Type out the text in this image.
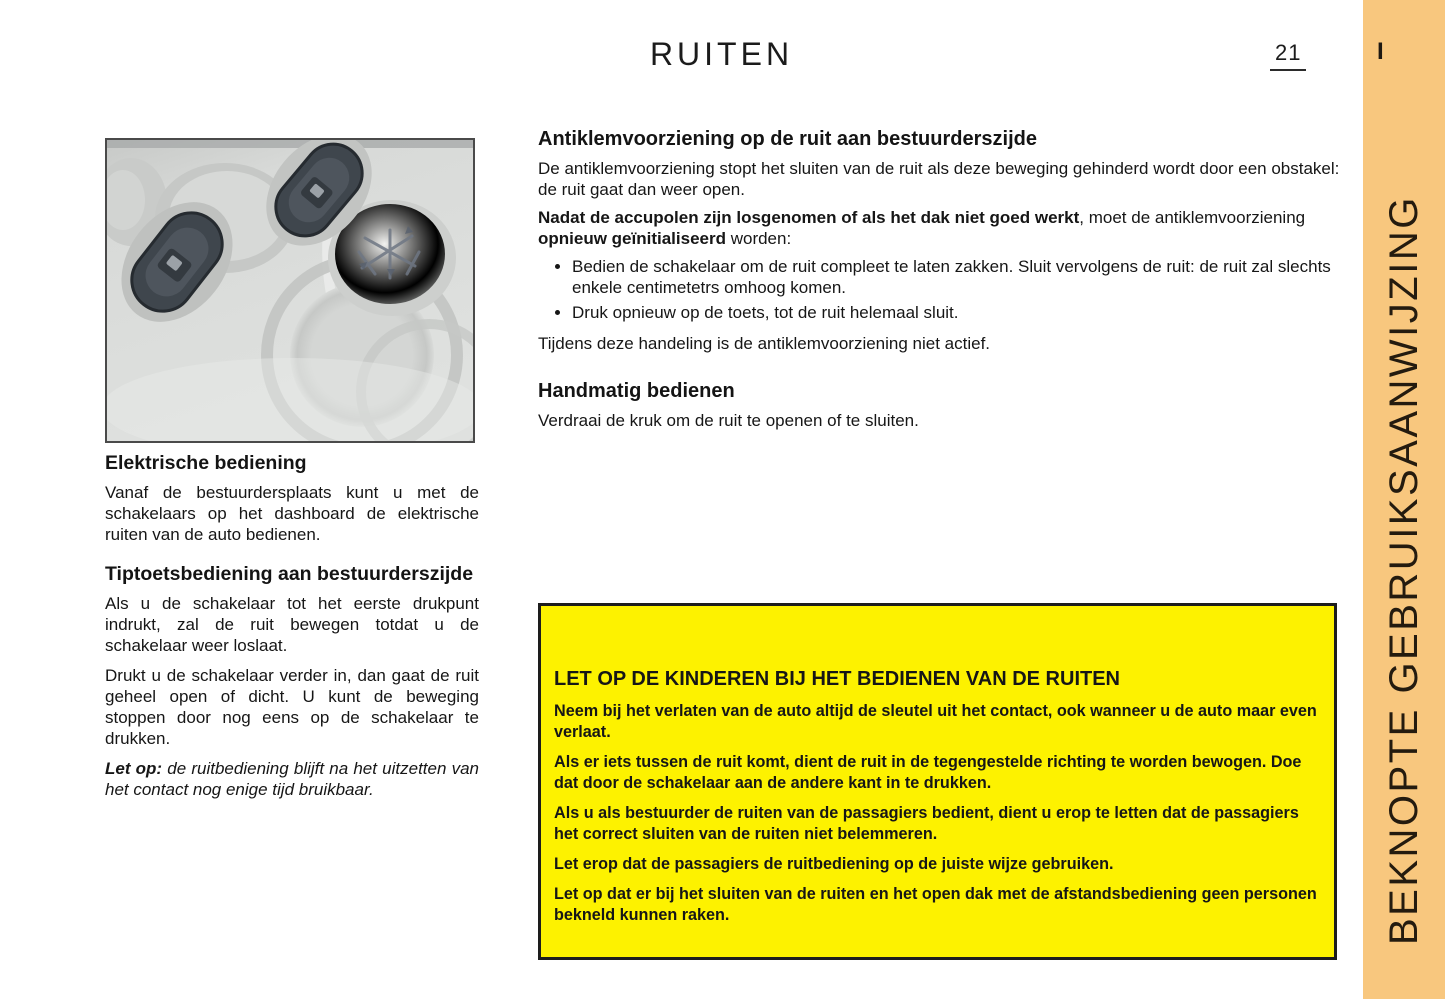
RUITEN	21	I
BEKNOPTE GEBRUIKSAANWIJZING
Elektrische bediening

Vanaf de bestuurdersplaats kunt u met de schakelaars op het dashboard de elektrische ruiten van de auto bedienen.

Tiptoetsbediening aan bestuurderszijde

Als u de schakelaar tot het eerste drukpunt indrukt, zal de ruit bewegen totdat u de schakelaar weer loslaat.

Drukt u de schakelaar verder in, dan gaat de ruit geheel open of dicht. U kunt de beweging stoppen door nog eens op de schakelaar te drukken.

Let op: de ruitbediening blijft na het uitzetten van het contact nog enige tijd bruikbaar.

Antiklemvoorziening op de ruit aan bestuurderszijde

De antiklemvoorziening stopt het sluiten van de ruit als deze beweging gehinderd wordt door een obstakel: de ruit gaat dan weer open.

Nadat de accupolen zijn losgenomen of als het dak niet goed werkt, moet de antiklemvoorziening opnieuw geïnitialiseerd worden:

• Bedien de schakelaar om de ruit compleet te laten zakken. Sluit vervolgens de ruit: de ruit zal slechts enkele centimetetrs omhoog komen.
• Druk opnieuw op de toets, tot de ruit helemaal sluit.

Tijdens deze handeling is de antiklemvoorziening niet actief.

Handmatig bedienen

Verdraai de kruk om de ruit te openen of te sluiten.

LET OP DE KINDEREN BIJ HET BEDIENEN VAN DE RUITEN

Neem bij het verlaten van de auto altijd de sleutel uit het contact, ook wanneer u de auto maar even verlaat.

Als er iets tussen de ruit komt, dient de ruit in de tegengestelde richting te worden bewogen. Doe dat door de schakelaar aan de andere kant in te drukken.

Als u als bestuurder de ruiten van de passagiers bedient, dient u erop te letten dat de passagiers het correct sluiten van de ruiten niet belemmeren.

Let erop dat de passagiers de ruitbediening op de juiste wijze gebruiken.

Let op dat er bij het sluiten van de ruiten en het open dak met de afstandsbediening geen personen bekneld kunnen raken.
